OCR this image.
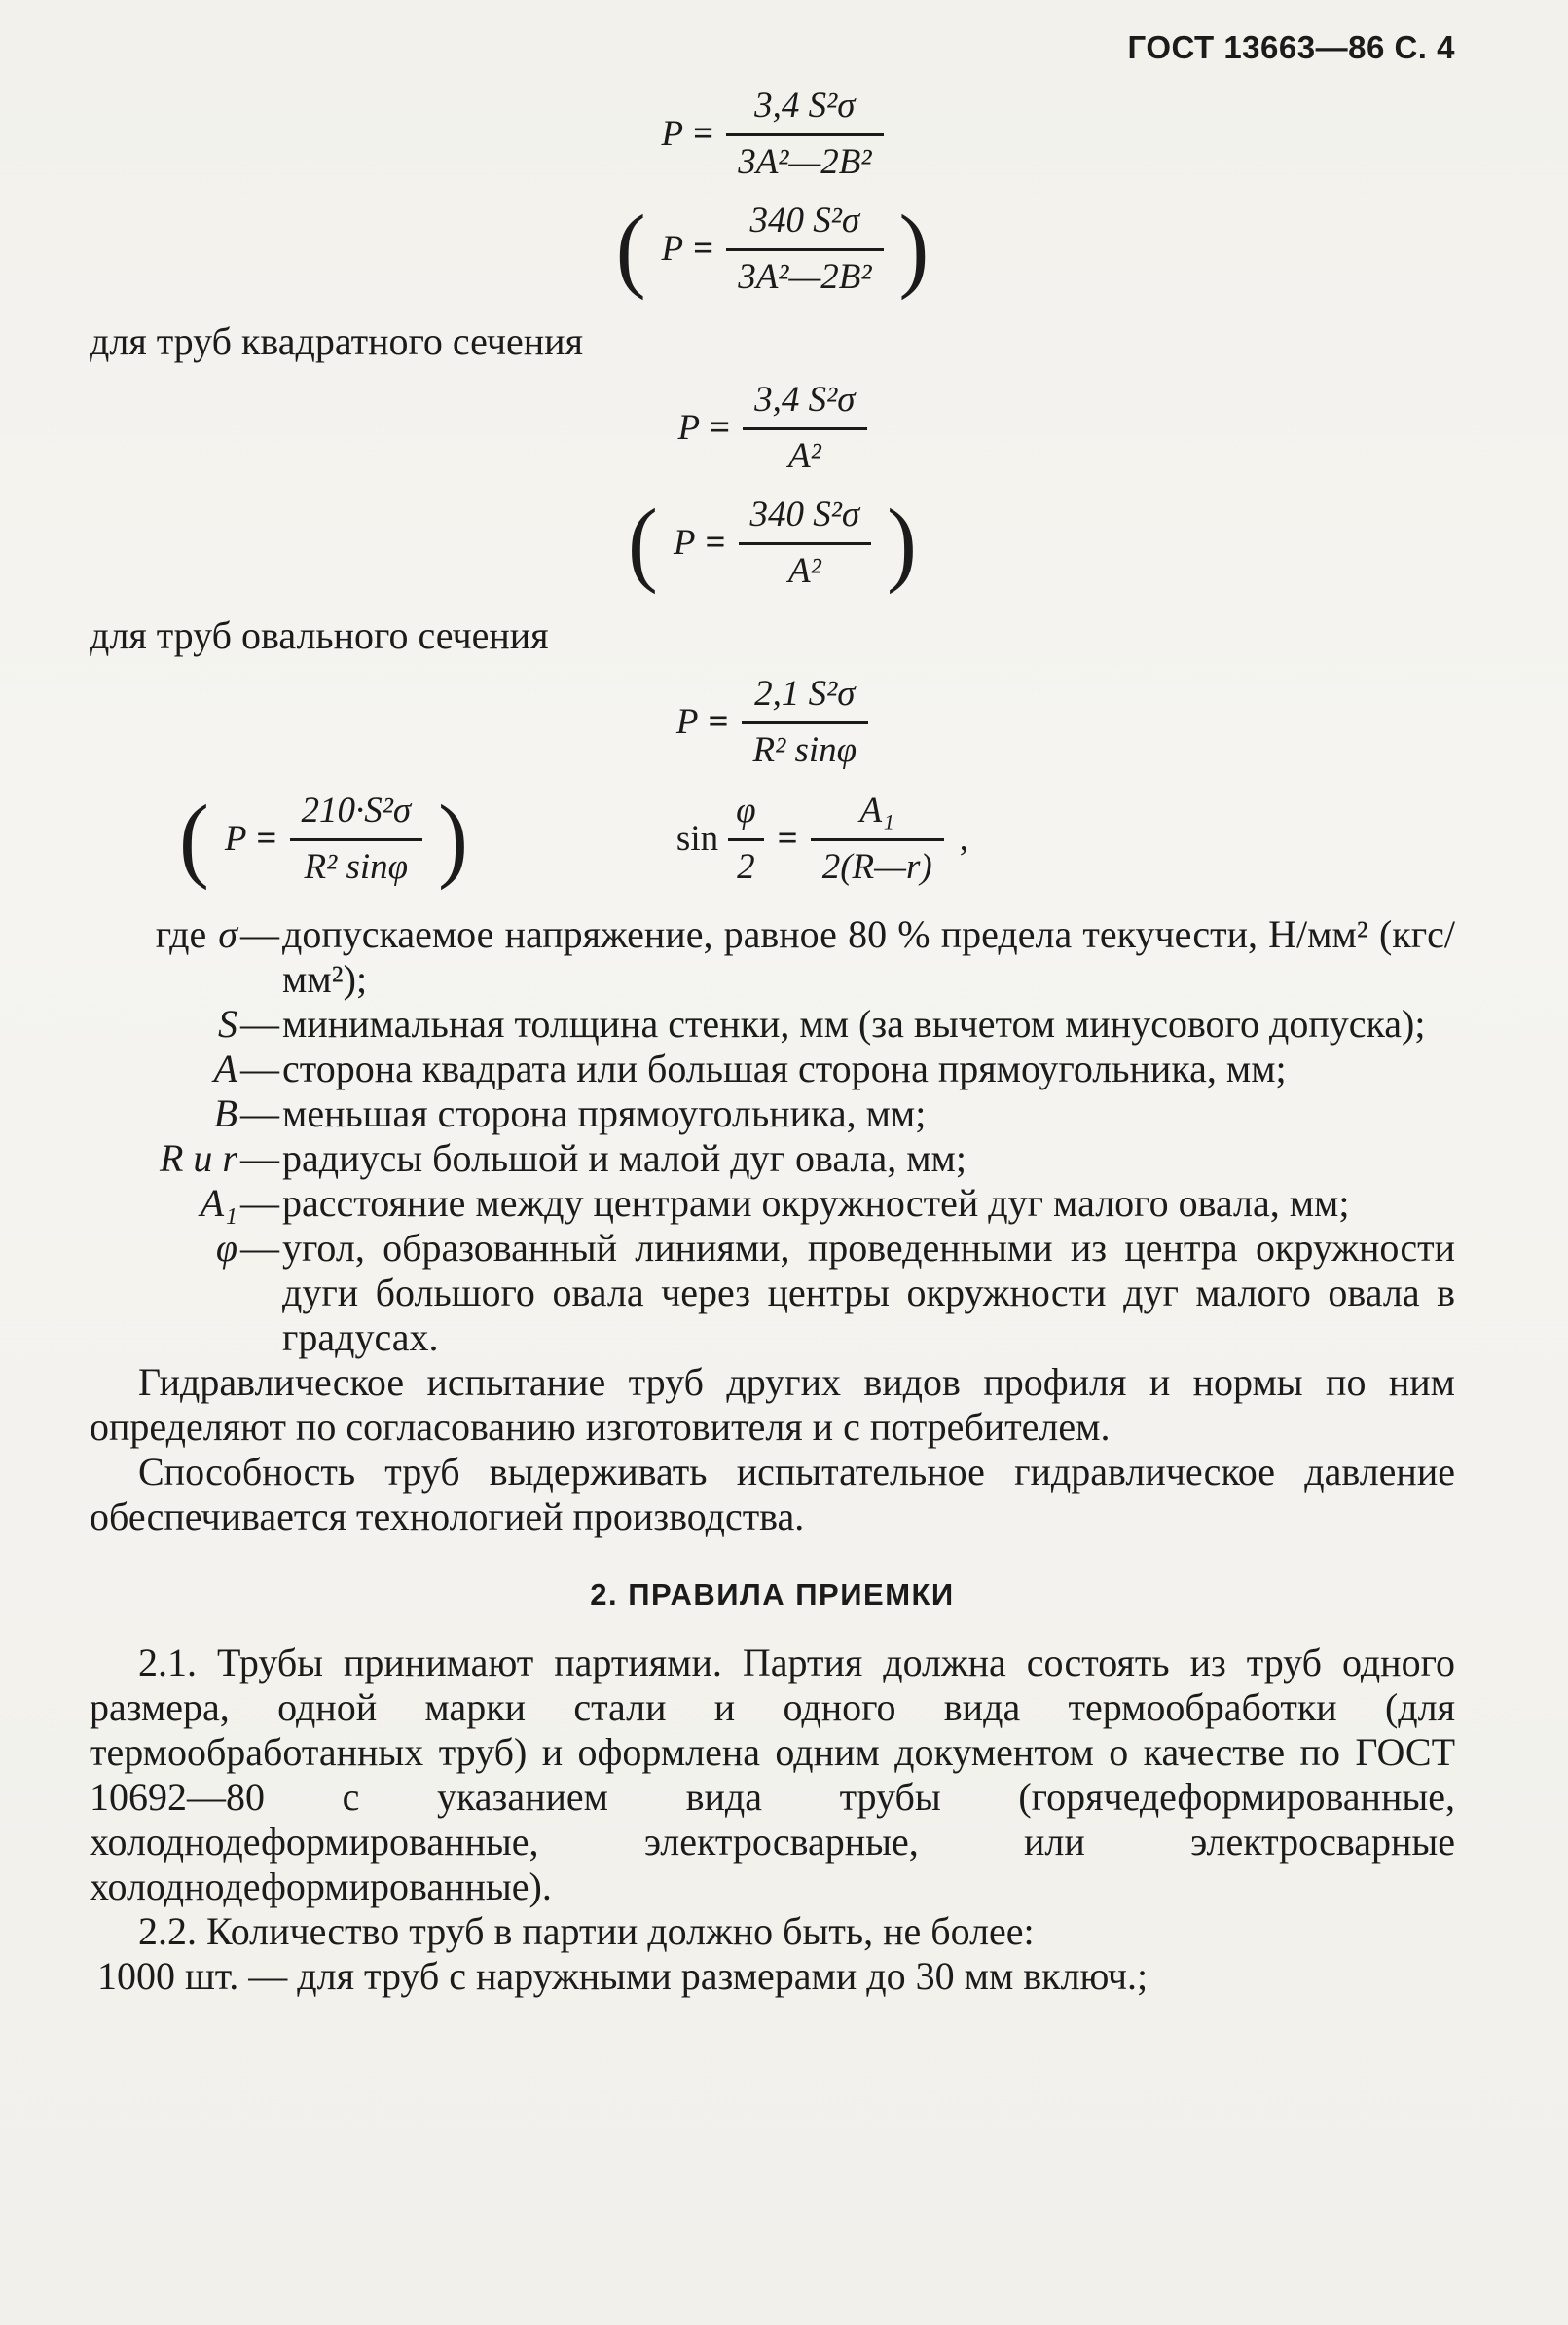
ГОСТ 13663—86 С. 4
$P = \frac{\text{3,4 S²σ}}{\text{3A²—2B²}}$
( $P = \frac{\text{340 S²σ}}{\text{3A²—2B²}}$ )
для труб квадратного сечения
$P = \frac{\text{3,4 S²σ}}{\text{A²}}$
( $P = \frac{\text{340 S²σ}}{\text{A²}}$ )
для труб овального сечения
$P = \frac{\text{2,1 S²σ}}{\text{R² sinφ}}$
( $P = \frac{\text{210·S²σ}}{\text{R² sinφ}}$ )	$\sin \frac{\varphi}{2} = \frac{\text{A₁}}{2(R—r)}$ ,
где σ — допускаемое напряжение, равное 80 % предела текучести, Н/мм² (кгс/мм²);
S — минимальная толщина стенки, мм (за вычетом минусового допуска);
A — сторона квадрата или большая сторона прямоугольника, мм;
B — меньшая сторона прямоугольника, мм;
R и r — радиусы большой и малой дуг овала, мм;
A₁ — расстояние между центрами окружностей дуг малого овала, мм;
φ — угол, образованный линиями, проведенными из центра окружности дуги большого овала через центры окружности дуг малого овала в градусах.
Гидравлическое испытание труб других видов профиля и нормы по ним определяют по согласованию изготовителя и с потребителем.
Способность труб выдерживать испытательное гидравлическое давление обеспечивается технологией производства.
2. ПРАВИЛА ПРИЕМКИ
2.1. Трубы принимают партиями. Партия должна состоять из труб одного размера, одной марки стали и одного вида термообработки (для термообработанных труб) и оформлена одним документом о качестве по ГОСТ 10692—80 с указанием вида трубы (горячедеформированные, холоднодеформированные, электросварные, или электросварные холоднодеформированные).
2.2. Количество труб в партии должно быть, не более:
1000 шт. — для труб с наружными размерами до 30 мм включ.;
